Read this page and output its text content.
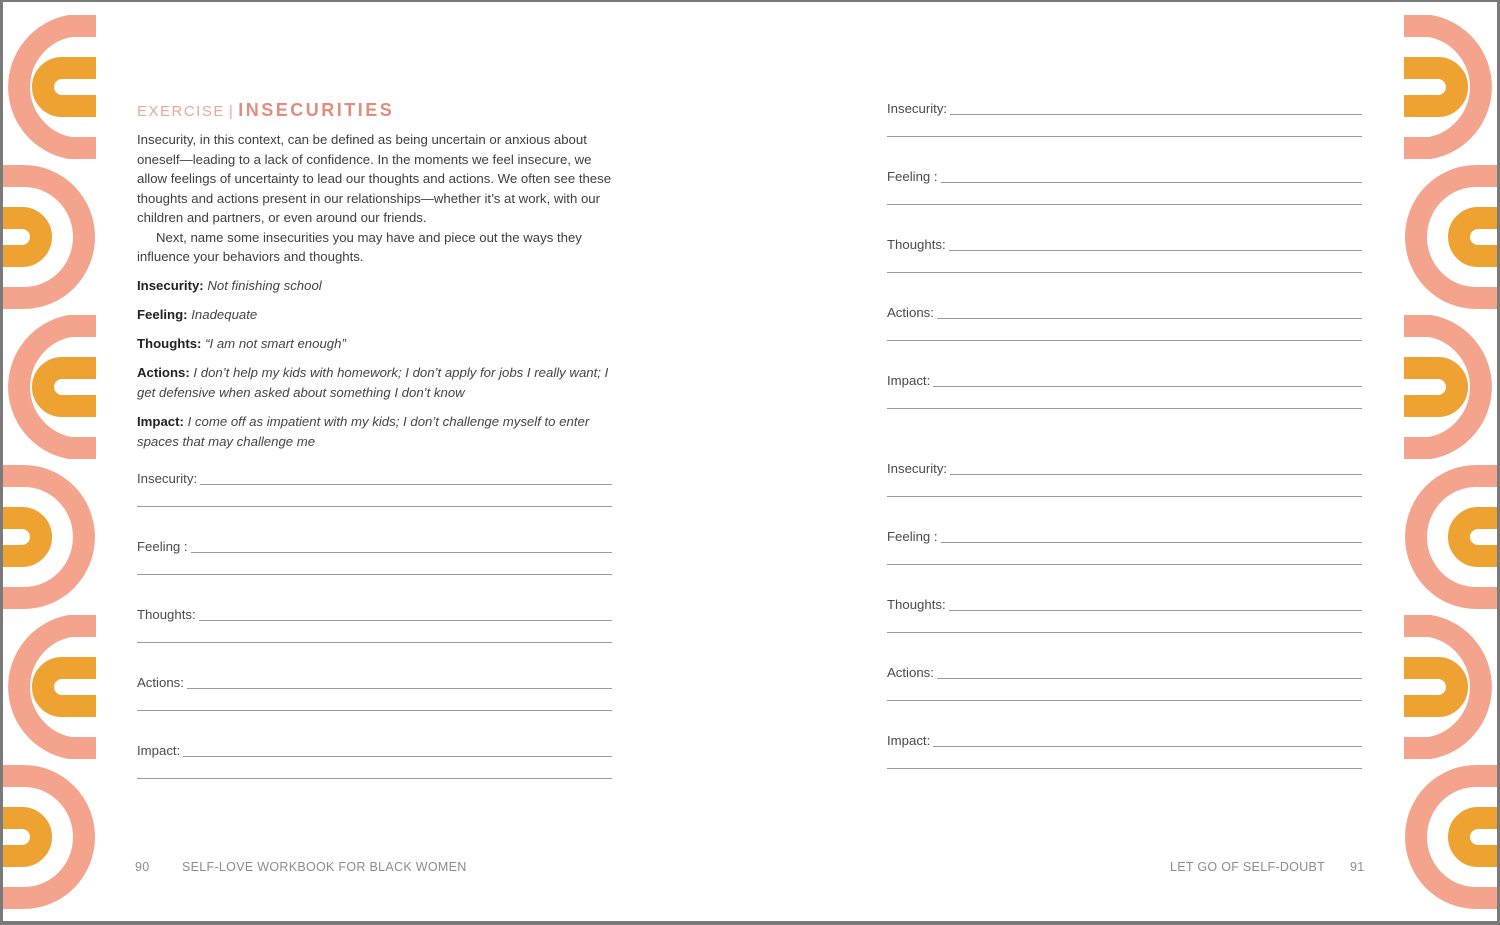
EXERCISE | INSECURITIES

Insecurity, in this context, can be defined as being uncertain or anxious about oneself—leading to a lack of confidence. In the moments we feel insecure, we allow feelings of uncertainty to lead our thoughts and actions. We often see these thoughts and actions present in our relationships—whether it’s at work, with our children and partners, or even around our friends.

Next, name some insecurities you may have and piece out the ways they influence your behaviors and thoughts.

Insecurity: Not finishing school
Feeling: Inadequate
Thoughts: “I am not smart enough”
Actions: I don’t help my kids with homework; I don’t apply for jobs I really want; I get defensive when asked about something I don’t know
Impact: I come off as impatient with my kids; I don’t challenge myself to enter spaces that may challenge me
Insecurity:
Feeling :
Thoughts:
Actions:
Impact:
90	SELF-LOVE WORKBOOK FOR BLACK WOMEN
Insecurity:
Feeling :
Thoughts:
Actions:
Impact:
Insecurity:
Feeling :
Thoughts:
Actions:
Impact:
LET GO OF SELF-DOUBT 91
